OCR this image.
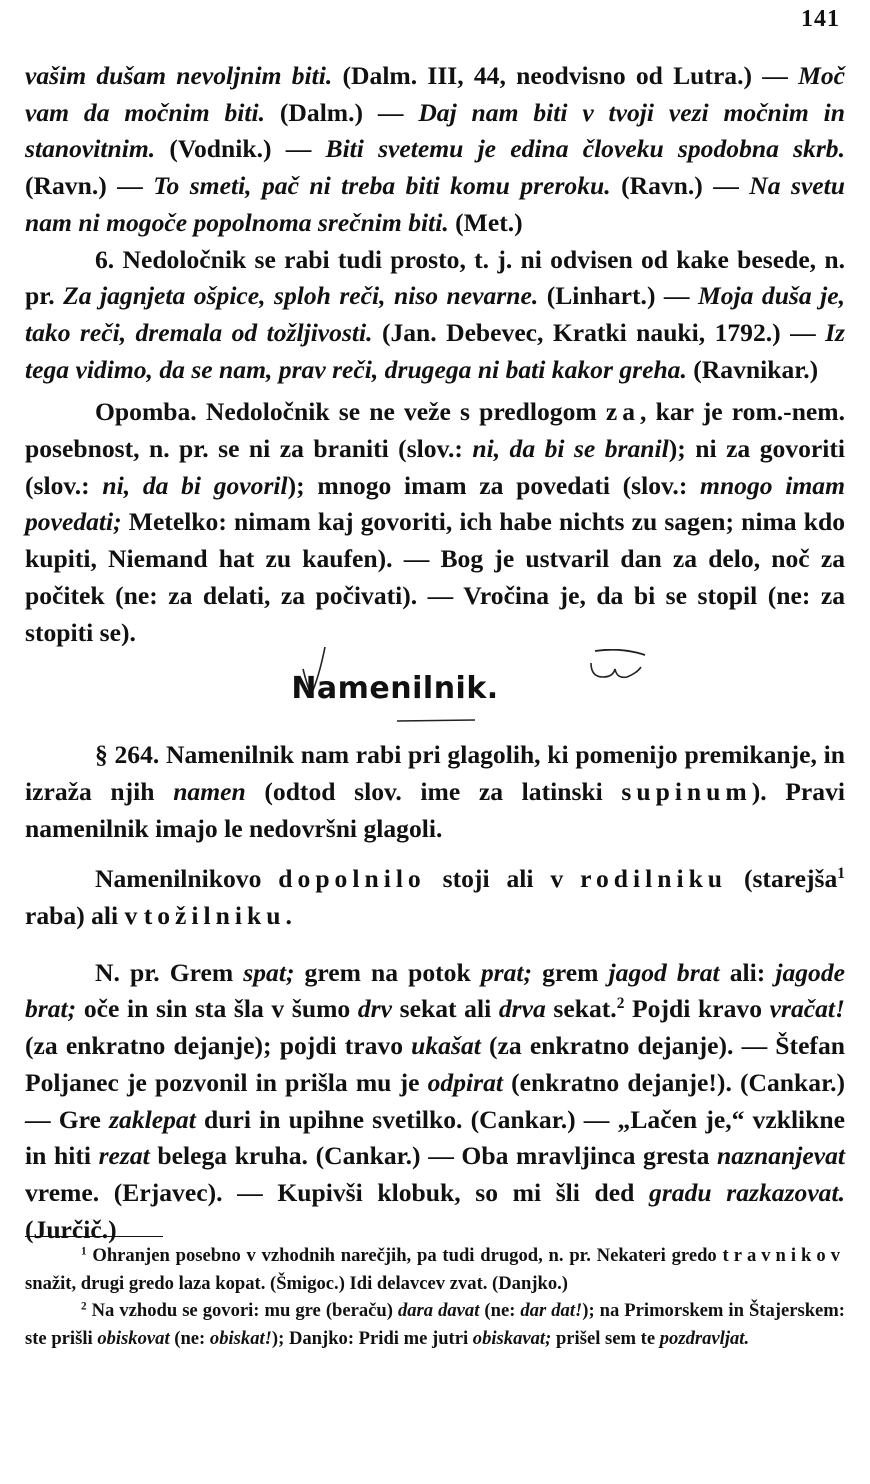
141

vašim dušam nevoljnim biti. (Dalm. III, 44, neodvisno od Lutra.) — Moč vam da močnim biti. (Dalm.) — Daj nam biti v tvoji vezi močnim in stanovitnim. (Vodnik.) — Biti svetemu je edina človeku spodobna skrb. (Ravn.) — To smeti, pač ni treba biti komu preroku. (Ravn.) — Na svetu nam ni mogoče popolnoma srečnim biti. (Met.)

6. Nedoločnik se rabi tudi prosto, t. j. ni odvisen od kake besede, n. pr. Za jagnjeta ošpice, sploh reči, niso nevarne. (Linhart.) — Moja duša je, tako reči, dremala od tožljivosti. (Jan. Debevec, Kratki nauki, 1792.) — Iz tega vidimo, da se nam, prav reči, drugega ni bati kakor greha. (Ravnikar.)

Opomba. Nedoločnik se ne veže s predlogom za, kar je rom.-nem. posebnost, n. pr. se ni za braniti (slov.: ni, da bi se branil); ni za govoriti (slov.: ni, da bi govoril); mnogo imam za povedati (slov.: mnogo imam povedati; Metelko: nimam kaj govoriti, ich habe nichts zu sagen; nima kdo kupiti, Niemand hat zu kaufen). — Bog je ustvaril dan za delo, noč za počitek (ne: za delati, za počivati). — Vročina je, da bi se stopil (ne: za stopiti se).

Namenilnik.

§ 264. Namenilnik nam rabi pri glagolih, ki pomenijo premikanje, in izraža njih namen (odtod slov. ime za latinski supinum). Pravi namenilnik imajo le nedovršni glagoli.

Namenilnikovo dopolnilo stoji ali v rodilniku (starejša$^1$ raba) ali v tožilniku.

N. pr. Grem spat; grem na potok prat; grem jagod brat ali: jagode brat; oče in sin sta šla v šumo drv sekat ali drva sekat.$^2$ Pojdi kravo vračat! (za enkratno dejanje); pojdi travo ukašat (za enkratno dejanje). — Štefan Poljanec je pozvonil in prišla mu je odpirat (enkratno dejanje!). (Cankar.) — Gre zaklepat duri in upihne svetilko. (Cankar.) — „Lačen je,“ vzklikne in hiti rezat belega kruha. (Cankar.) — Oba mravljinca gresta naznanjevat vreme. (Erjavec). — Kupivši klobuk, so mi šli ded gradu razkazovat. (Jurčič.)

$^1$ Ohranjen posebno v vzhodnih narečjih, pa tudi drugod, n. pr. Nekateri gredo travnikov snažit, drugi gredo laza kopat. (Šmigoc.) Idi delavcev zvat. (Danjko.)

$^2$ Na vzhodu se govori: mu gre (beraču) dara davat (ne: dar dat!); na Primorskem in Štajerskem: ste prišli obiskovat (ne: obiskat!); Danjko: Pridi me jutri obiskavat; prišel sem te pozdravljat.
